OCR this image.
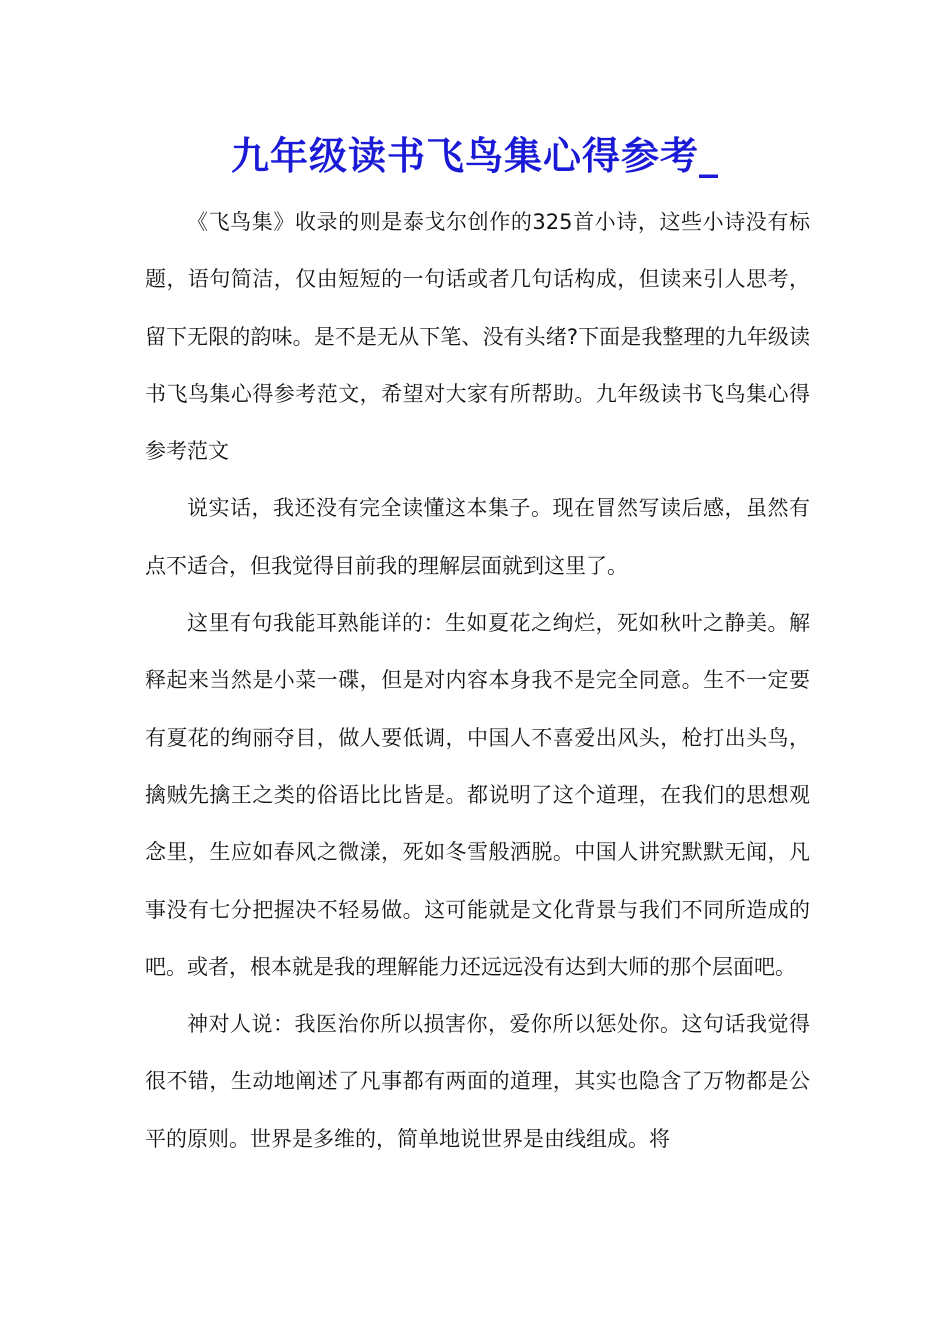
九年级读书飞鸟集心得参考_

《飞鸟集》收录的则是泰戈尔创作的325首小诗，这些小诗没有标题，语句简洁，仅由短短的一句话或者几句话构成，但读来引人思考，留下无限的韵味。是不是无从下笔、没有头绪?下面是我整理的九年级读书飞鸟集心得参考范文，希望对大家有所帮助。九年级读书飞鸟集心得参考范文

说实话，我还没有完全读懂这本集子。现在冒然写读后感，虽然有点不适合，但我觉得目前我的理解层面就到这里了。

这里有句我能耳熟能详的：生如夏花之绚烂，死如秋叶之静美。解释起来当然是小菜一碟，但是对内容本身我不是完全同意。生不一定要有夏花的绚丽夺目，做人要低调，中国人不喜爱出风头，枪打出头鸟，擒贼先擒王之类的俗语比比皆是。都说明了这个道理，在我们的思想观念里，生应如春风之微漾，死如冬雪般洒脱。中国人讲究默默无闻，凡事没有七分把握决不轻易做。这可能就是文化背景与我们不同所造成的吧。或者，根本就是我的理解能力还远远没有达到大师的那个层面吧。

神对人说：我医治你所以损害你，爱你所以惩处你。这句话我觉得很不错，生动地阐述了凡事都有两面的道理，其实也隐含了万物都是公平的原则。世界是多维的，简单地说世界是由线组成。将
